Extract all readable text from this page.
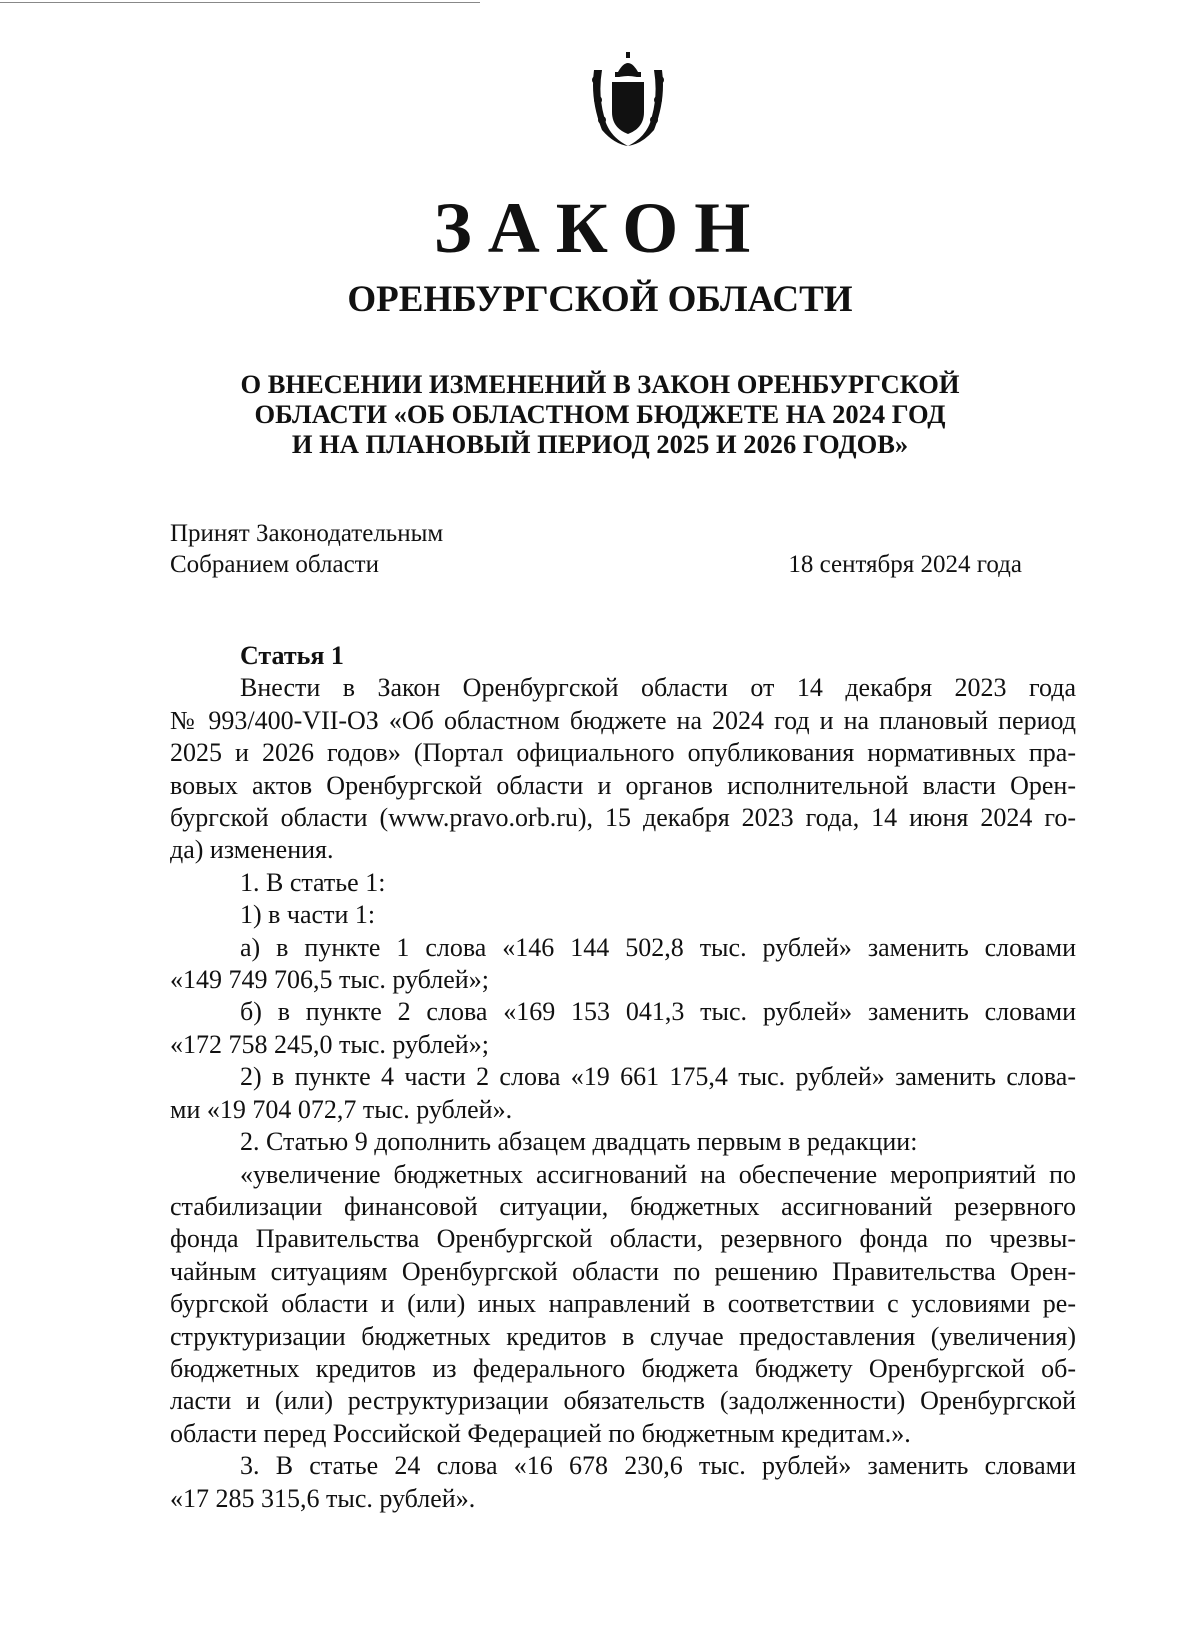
ЗАКОН
ОРЕНБУРГСКОЙ ОБЛАСТИ
О ВНЕСЕНИИ ИЗМЕНЕНИЙ В ЗАКОН ОРЕНБУРГСКОЙ
ОБЛАСТИ «ОБ ОБЛАСТНОМ БЮДЖЕТЕ НА 2024 ГОД
И НА ПЛАНОВЫЙ ПЕРИОД 2025 И 2026 ГОДОВ»
Принят Законодательным
Собранием области	18 сентября 2024 года
Статья 1
Внести в Закон Оренбургской области от 14 декабря 2023 года
№ 993/400-VII-ОЗ «Об областном бюджете на 2024 год и на плановый период
2025 и 2026 годов» (Портал официального опубликования нормативных пра-
вовых актов Оренбургской области и органов исполнительной власти Орен-
бургской области (www.pravo.orb.ru), 15 декабря 2023 года, 14 июня 2024 го-
да) изменения.
1. В статье 1:
1) в части 1:
а) в пункте 1 слова «146 144 502,8 тыс. рублей» заменить словами
«149 749 706,5 тыс. рублей»;
б) в пункте 2 слова «169 153 041,3 тыс. рублей» заменить словами
«172 758 245,0 тыс. рублей»;
2) в пункте 4 части 2 слова «19 661 175,4 тыс. рублей» заменить слова-
ми «19 704 072,7 тыс. рублей».
2. Статью 9 дополнить абзацем двадцать первым в редакции:
«увеличение бюджетных ассигнований на обеспечение мероприятий по
стабилизации финансовой ситуации, бюджетных ассигнований резервного
фонда Правительства Оренбургской области, резервного фонда по чрезвы-
чайным ситуациям Оренбургской области по решению Правительства Орен-
бургской области и (или) иных направлений в соответствии с условиями ре-
структуризации бюджетных кредитов в случае предоставления (увеличения)
бюджетных кредитов из федерального бюджета бюджету Оренбургской об-
ласти и (или) реструктуризации обязательств (задолженности) Оренбургской
области перед Российской Федерацией по бюджетным кредитам.».
3. В статье 24 слова «16 678 230,6 тыс. рублей» заменить словами
«17 285 315,6 тыс. рублей».
